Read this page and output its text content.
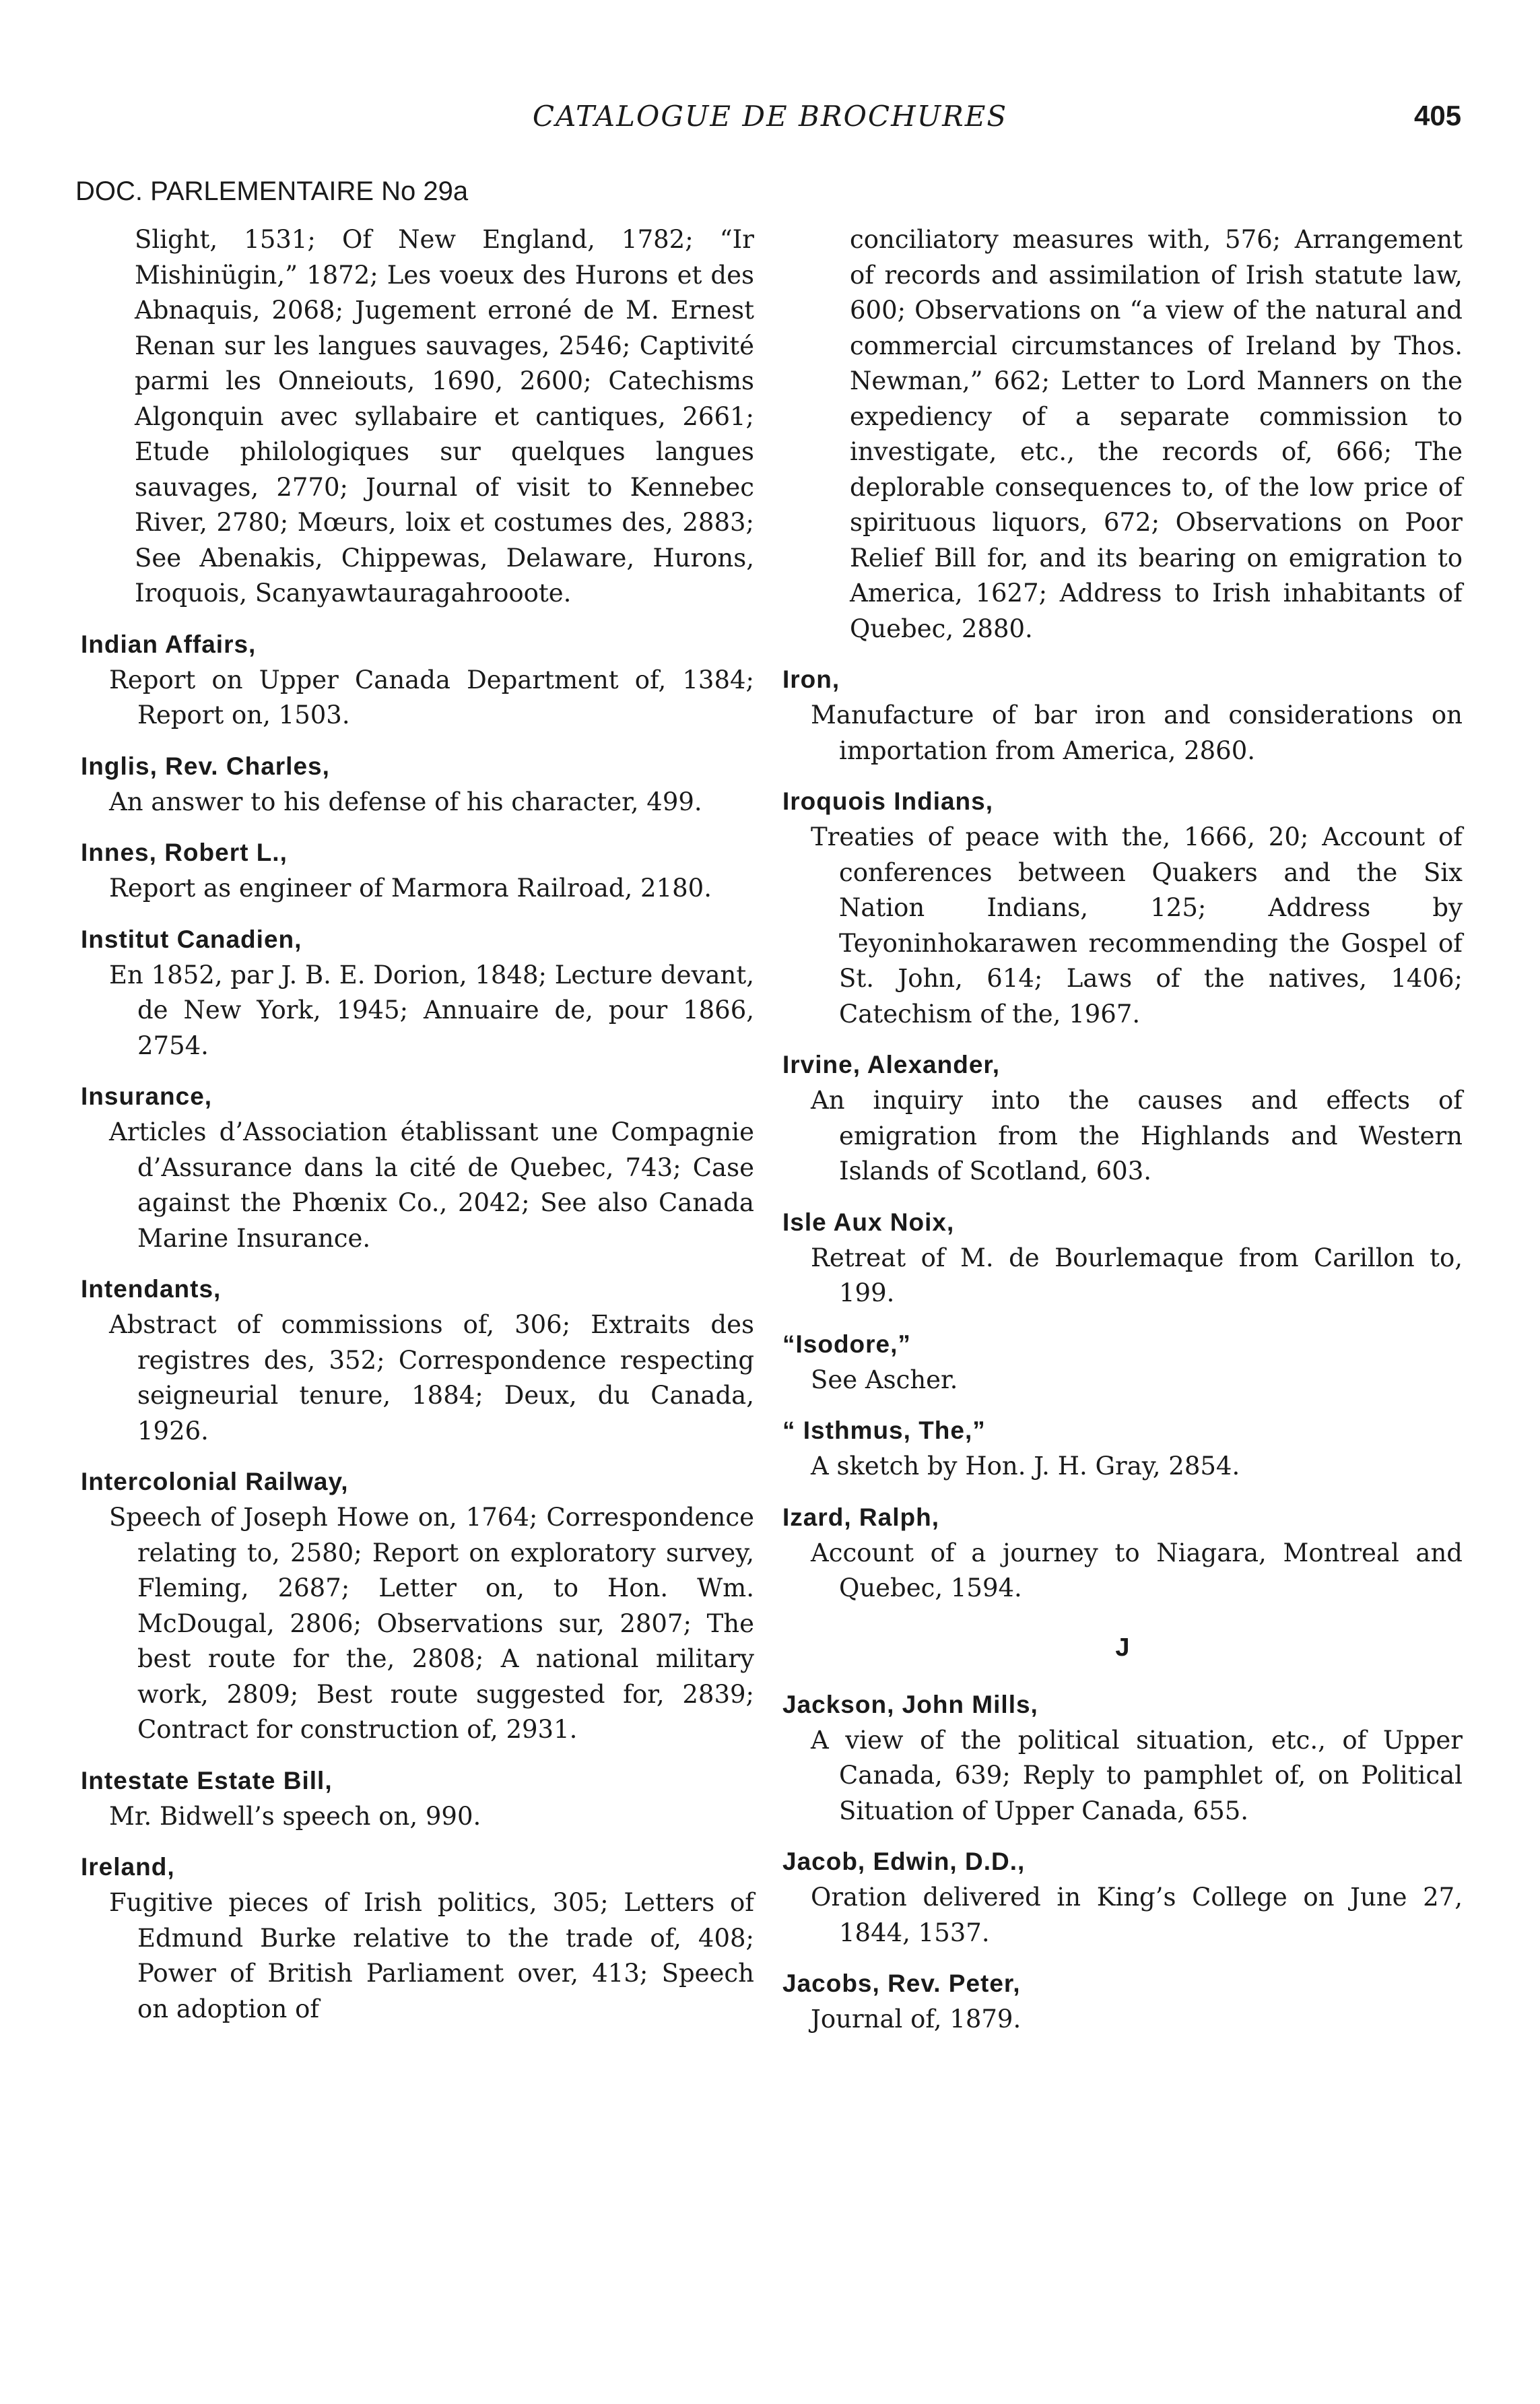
CATALOGUE DE BROCHURES	405
DOC. PARLEMENTAIRE No 29a
Slight, 1531; Of New England, 1782; “Ir Mishinügin,” 1872; Les voeux des Hurons et des Abnaquis, 2068; Jugement erroné de M. Ernest Renan sur les langues sauvages, 2546; Captivité parmi les Onneiouts, 1690, 2600; Catechisms Algonquin avec syllabaire et cantiques, 2661; Etude philologiques sur quelques langues sauvages, 2770; Journal of visit to Kennebec River, 2780; Mœurs, loix et costumes des, 2883; See Abenakis, Chippewas, Delaware, Hurons, Iroquois, Scanyawtauragahrooote.
Indian Affairs,
Report on Upper Canada Department of, 1384; Report on, 1503.
Inglis, Rev. Charles,
An answer to his defense of his character, 499.
Innes, Robert L.,
Report as engineer of Marmora Railroad, 2180.
Institut Canadien,
En 1852, par J. B. E. Dorion, 1848; Lecture devant, de New York, 1945; Annuaire de, pour 1866, 2754.
Insurance,
Articles d’Association établissant une Compagnie d’Assurance dans la cité de Quebec, 743; Case against the Phœnix Co., 2042; See also Canada Marine Insurance.
Intendants,
Abstract of commissions of, 306; Extraits des registres des, 352; Correspondence respecting seigneurial tenure, 1884; Deux, du Canada, 1926.
Intercolonial Railway,
Speech of Joseph Howe on, 1764; Correspondence relating to, 2580; Report on exploratory survey, Fleming, 2687; Letter on, to Hon. Wm. McDougal, 2806; Observations sur, 2807; The best route for the, 2808; A national military work, 2809; Best route suggested for, 2839; Contract for construction of, 2931.
Intestate Estate Bill,
Mr. Bidwell’s speech on, 990.
Ireland,
Fugitive pieces of Irish politics, 305; Letters of Edmund Burke relative to the trade of, 408; Power of British Parliament over, 413; Speech on adoption of
conciliatory measures with, 576; Arrangement of records and assimilation of Irish statute law, 600; Observations on “a view of the natural and commercial circumstances of Ireland by Thos. Newman,” 662; Letter to Lord Manners on the expediency of a separate commission to investigate, etc., the records of, 666; The deplorable consequences to, of the low price of spirituous liquors, 672; Observations on Poor Relief Bill for, and its bearing on emigration to America, 1627; Address to Irish inhabitants of Quebec, 2880.
Iron,
Manufacture of bar iron and considerations on importation from America, 2860.
Iroquois Indians,
Treaties of peace with the, 1666, 20; Account of conferences between Quakers and the Six Nation Indians, 125; Address by Teyoninhokarawen recommending the Gospel of St. John, 614; Laws of the natives, 1406; Catechism of the, 1967.
Irvine, Alexander,
An inquiry into the causes and effects of emigration from the Highlands and Western Islands of Scotland, 603.
Isle Aux Noix,
Retreat of M. de Bourlemaque from Carillon to, 199.
“Isodore,”
See Ascher.
“ Isthmus, The,”
A sketch by Hon. J. H. Gray, 2854.
Izard, Ralph,
Account of a journey to Niagara, Montreal and Quebec, 1594.
J
Jackson, John Mills,
A view of the political situation, etc., of Upper Canada, 639; Reply to pamphlet of, on Political Situation of Upper Canada, 655.
Jacob, Edwin, D.D.,
Oration delivered in King’s College on June 27, 1844, 1537.
Jacobs, Rev. Peter,
Journal of, 1879.
